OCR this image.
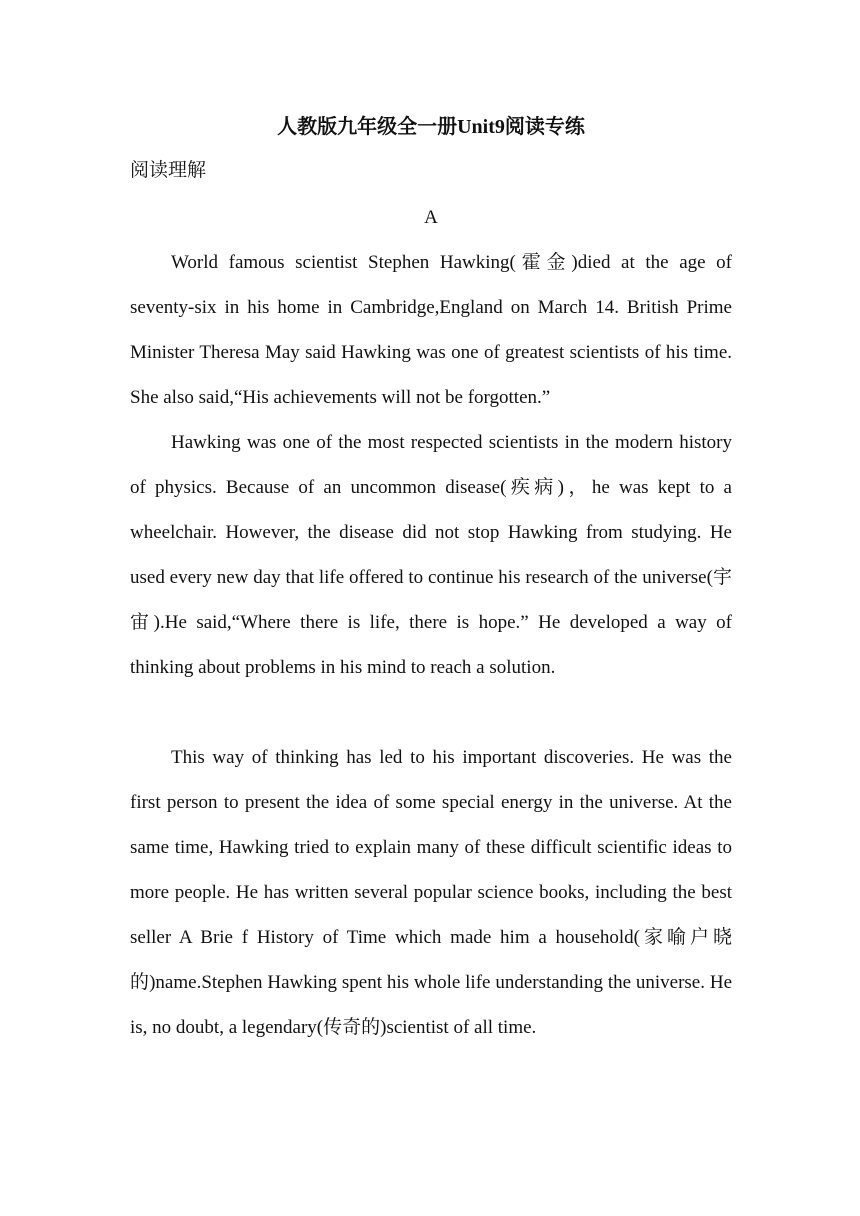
人教版九年级全一册Unit9阅读专练
阅读理解
A

World famous scientist Stephen Hawking(霍金)died at the age of seventy-six in his home in Cambridge,England on March 14. British Prime Minister Theresa May said Hawking was one of greatest scientists of his time. She also said,“His achievements will not be forgotten.”

Hawking was one of the most respected scientists in the modern history of physics. Because of an uncommon disease(疾病)，he was kept to a wheelchair. However, the disease did not stop Hawking from studying. He used every new day that life offered to continue his research of the universe(宇宙).He said,“Where there is life, there is hope.” He developed a way of thinking about problems in his mind to reach a solution.

This way of thinking has led to his important discoveries. He was the first person to present the idea of some special energy in the universe. At the same time, Hawking tried to explain many of these difficult scientific ideas to more people. He has written several popular science books, including the best seller A Brie f History of Time which made him a household(家喻户晓的)name.Stephen Hawking spent his whole life understanding the universe. He is, no doubt, a legendary(传奇的)scientist of all time.
